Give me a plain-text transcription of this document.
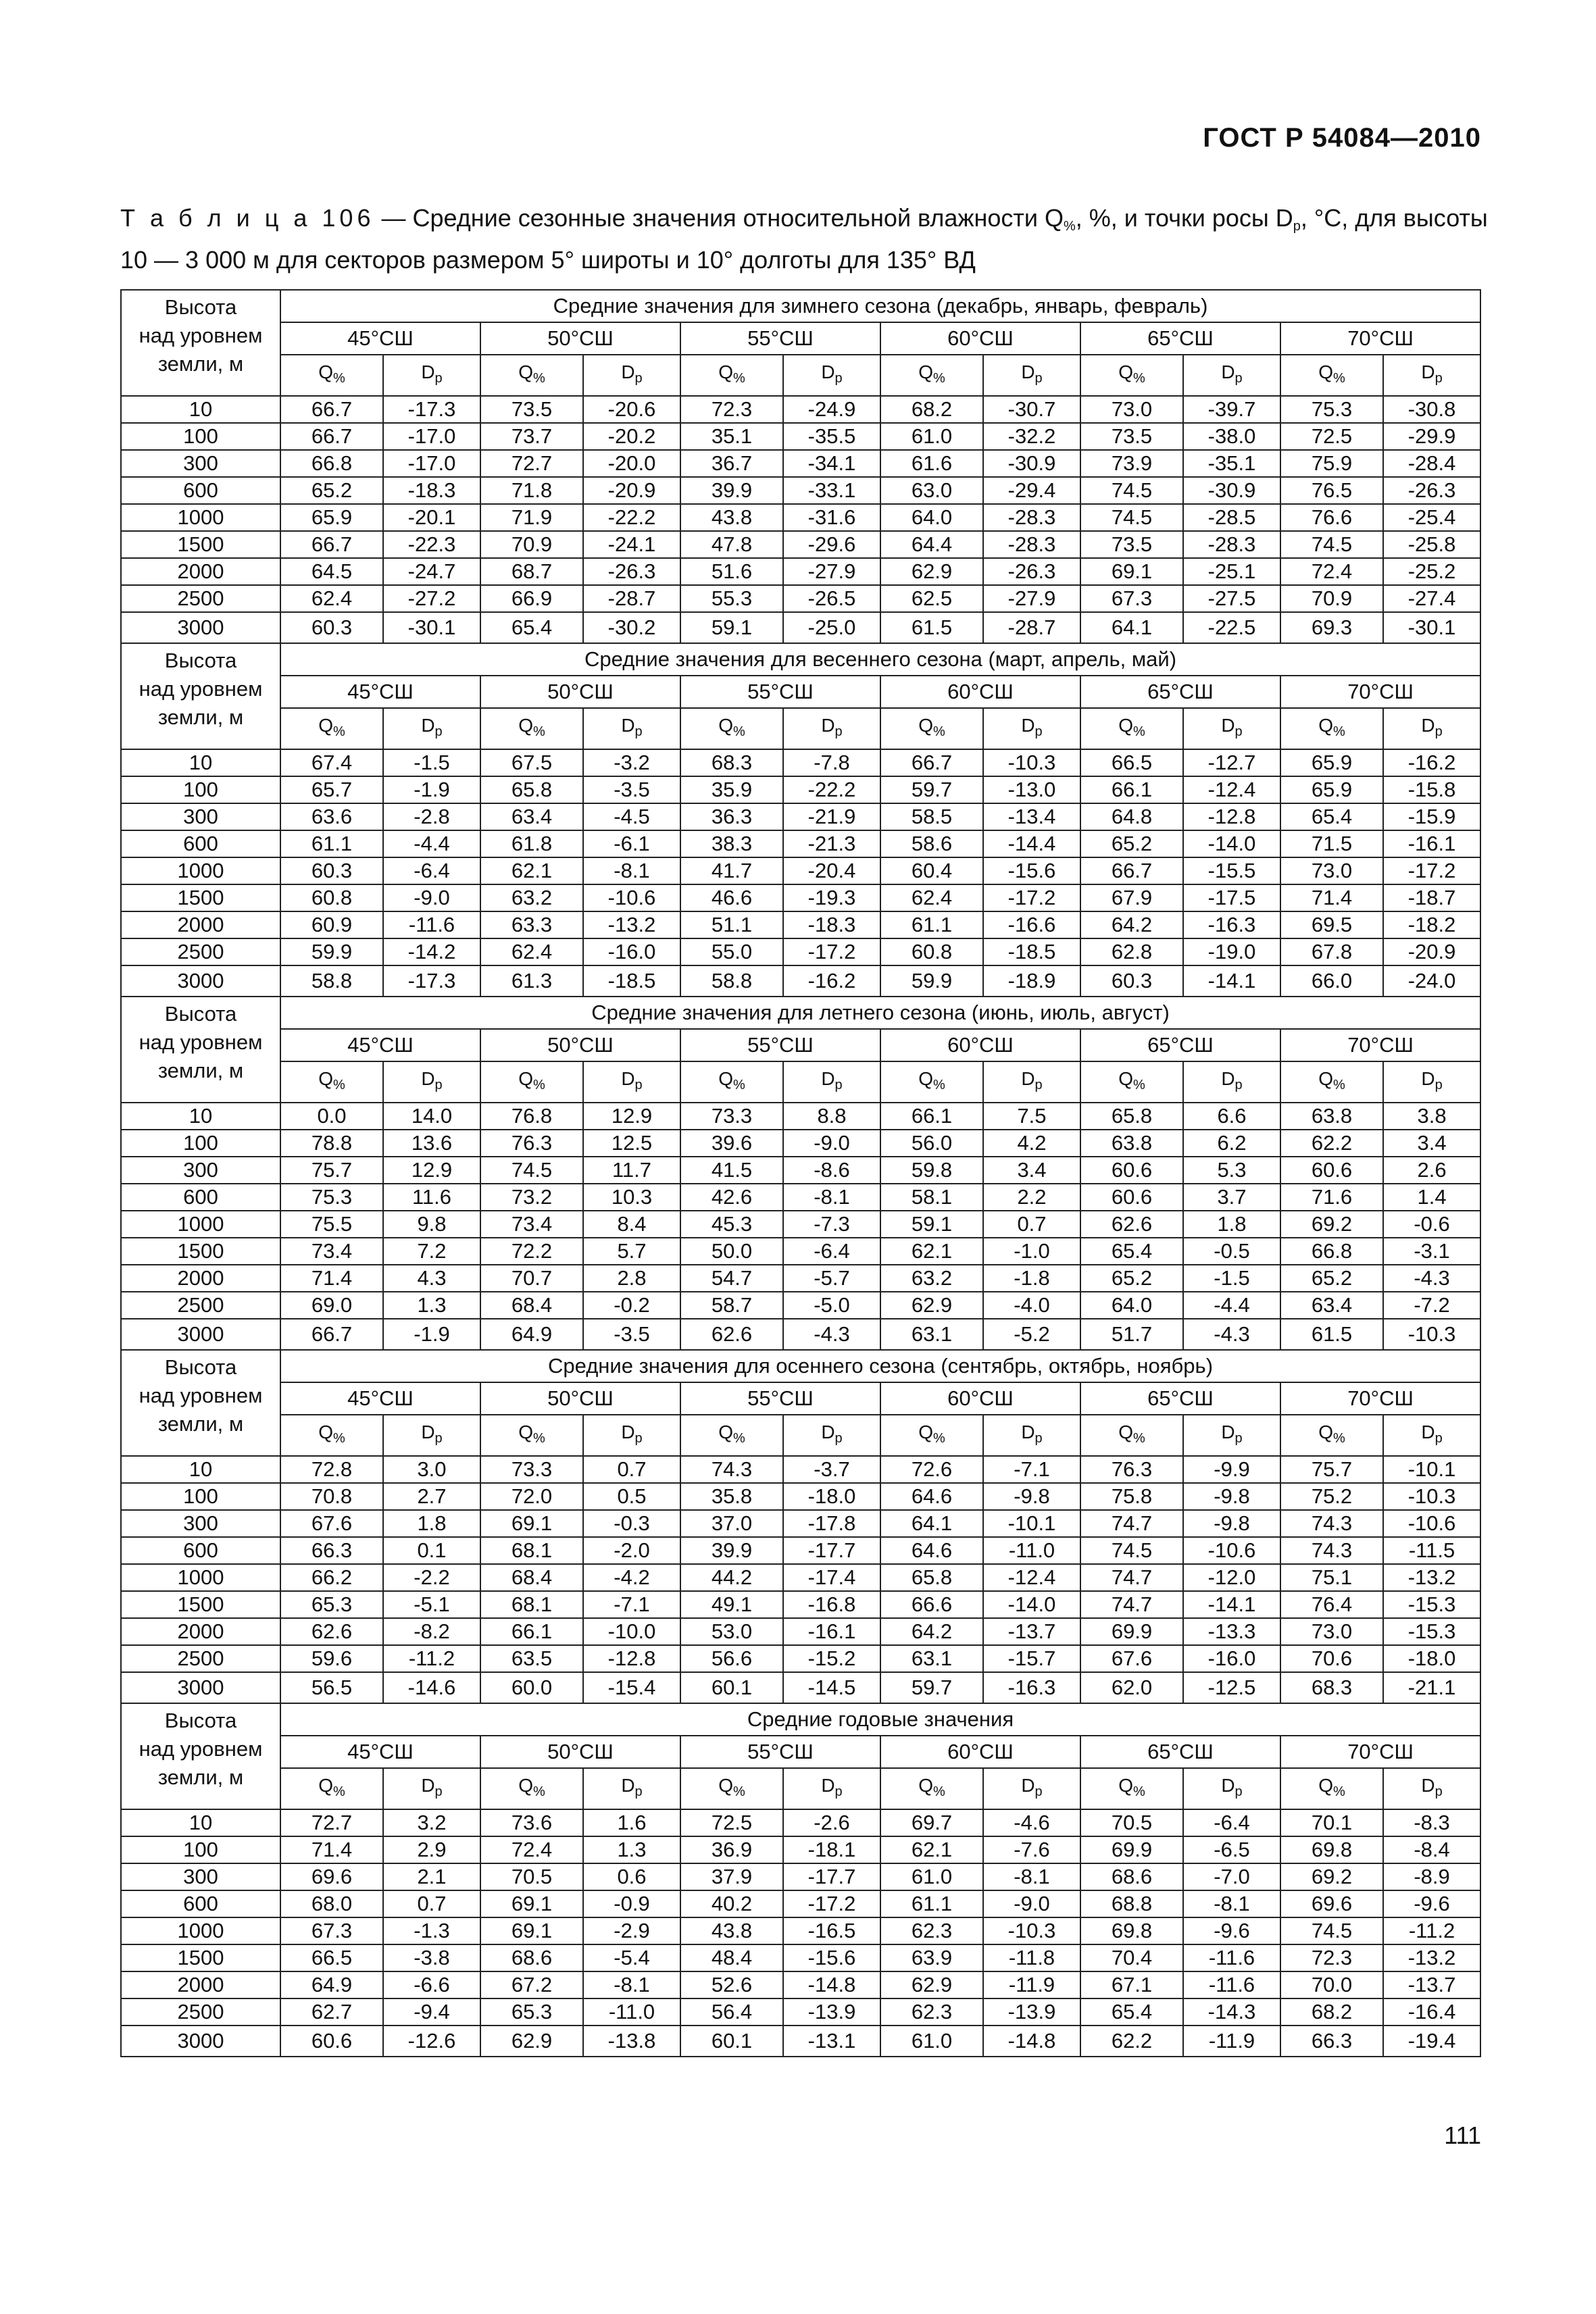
ГОСТ Р 54084—2010
Т а б л и ц а 106 — Средние сезонные значения относительной влажности $Q_{\%}$, %, и точки росы $D_p$, °C, для высоты
10 — 3 000 м для секторов размером 5° широты и 10° долготы для 135° ВД
Высота
над уровнем
земли, м	Средние значения для зимнего сезона (декабрь, январь, февраль)											
	45°СШ		50°СШ		55°СШ		60°СШ		65°СШ		70°СШ	
	$Q_{\%}$	$D_p$	$Q_{\%}$	$D_p$	$Q_{\%}$	$D_p$	$Q_{\%}$	$D_p$	$Q_{\%}$	$D_p$	$Q_{\%}$	$D_p$
10	66.7	-17.3	73.5	-20.6	72.3	-24.9	68.2	-30.7	73.0	-39.7	75.3	-30.8
100	66.7	-17.0	73.7	-20.2	35.1	-35.5	61.0	-32.2	73.5	-38.0	72.5	-29.9
300	66.8	-17.0	72.7	-20.0	36.7	-34.1	61.6	-30.9	73.9	-35.1	75.9	-28.4
600	65.2	-18.3	71.8	-20.9	39.9	-33.1	63.0	-29.4	74.5	-30.9	76.5	-26.3
1000	65.9	-20.1	71.9	-22.2	43.8	-31.6	64.0	-28.3	74.5	-28.5	76.6	-25.4
1500	66.7	-22.3	70.9	-24.1	47.8	-29.6	64.4	-28.3	73.5	-28.3	74.5	-25.8
2000	64.5	-24.7	68.7	-26.3	51.6	-27.9	62.9	-26.3	69.1	-25.1	72.4	-25.2
2500	62.4	-27.2	66.9	-28.7	55.3	-26.5	62.5	-27.9	67.3	-27.5	70.9	-27.4
3000	60.3	-30.1	65.4	-30.2	59.1	-25.0	61.5	-28.7	64.1	-22.5	69.3	-30.1

Высота
над уровнем
земли, м	Средние значения для весеннего сезона (март, апрель, май)											
	45°СШ		50°СШ		55°СШ		60°СШ		65°СШ		70°СШ	
	$Q_{\%}$	$D_p$	$Q_{\%}$	$D_p$	$Q_{\%}$	$D_p$	$Q_{\%}$	$D_p$	$Q_{\%}$	$D_p$	$Q_{\%}$	$D_p$
10	67.4	-1.5	67.5	-3.2	68.3	-7.8	66.7	-10.3	66.5	-12.7	65.9	-16.2
100	65.7	-1.9	65.8	-3.5	35.9	-22.2	59.7	-13.0	66.1	-12.4	65.9	-15.8
300	63.6	-2.8	63.4	-4.5	36.3	-21.9	58.5	-13.4	64.8	-12.8	65.4	-15.9
600	61.1	-4.4	61.8	-6.1	38.3	-21.3	58.6	-14.4	65.2	-14.0	71.5	-16.1
1000	60.3	-6.4	62.1	-8.1	41.7	-20.4	60.4	-15.6	66.7	-15.5	73.0	-17.2
1500	60.8	-9.0	63.2	-10.6	46.6	-19.3	62.4	-17.2	67.9	-17.5	71.4	-18.7
2000	60.9	-11.6	63.3	-13.2	51.1	-18.3	61.1	-16.6	64.2	-16.3	69.5	-18.2
2500	59.9	-14.2	62.4	-16.0	55.0	-17.2	60.8	-18.5	62.8	-19.0	67.8	-20.9
3000	58.8	-17.3	61.3	-18.5	58.8	-16.2	59.9	-18.9	60.3	-14.1	66.0	-24.0

Высота
над уровнем
земли, м	Средние значения для летнего сезона (июнь, июль, август)											
	45°СШ		50°СШ		55°СШ		60°СШ		65°СШ		70°СШ	
	$Q_{\%}$	$D_p$	$Q_{\%}$	$D_p$	$Q_{\%}$	$D_p$	$Q_{\%}$	$D_p$	$Q_{\%}$	$D_p$	$Q_{\%}$	$D_p$
10	0.0	14.0	76.8	12.9	73.3	8.8	66.1	7.5	65.8	6.6	63.8	3.8
100	78.8	13.6	76.3	12.5	39.6	-9.0	56.0	4.2	63.8	6.2	62.2	3.4
300	75.7	12.9	74.5	11.7	41.5	-8.6	59.8	3.4	60.6	5.3	60.6	2.6
600	75.3	11.6	73.2	10.3	42.6	-8.1	58.1	2.2	60.6	3.7	71.6	1.4
1000	75.5	9.8	73.4	8.4	45.3	-7.3	59.1	0.7	62.6	1.8	69.2	-0.6
1500	73.4	7.2	72.2	5.7	50.0	-6.4	62.1	-1.0	65.4	-0.5	66.8	-3.1
2000	71.4	4.3	70.7	2.8	54.7	-5.7	63.2	-1.8	65.2	-1.5	65.2	-4.3
2500	69.0	1.3	68.4	-0.2	58.7	-5.0	62.9	-4.0	64.0	-4.4	63.4	-7.2
3000	66.7	-1.9	64.9	-3.5	62.6	-4.3	63.1	-5.2	51.7	-4.3	61.5	-10.3

Высота
над уровнем
земли, м	Средние значения для осеннего сезона (сентябрь, октябрь, ноябрь)											
	45°СШ		50°СШ		55°СШ		60°СШ		65°СШ		70°СШ	
	$Q_{\%}$	$D_p$	$Q_{\%}$	$D_p$	$Q_{\%}$	$D_p$	$Q_{\%}$	$D_p$	$Q_{\%}$	$D_p$	$Q_{\%}$	$D_p$
10	72.8	3.0	73.3	0.7	74.3	-3.7	72.6	-7.1	76.3	-9.9	75.7	-10.1
100	70.8	2.7	72.0	0.5	35.8	-18.0	64.6	-9.8	75.8	-9.8	75.2	-10.3
300	67.6	1.8	69.1	-0.3	37.0	-17.8	64.1	-10.1	74.7	-9.8	74.3	-10.6
600	66.3	0.1	68.1	-2.0	39.9	-17.7	64.6	-11.0	74.5	-10.6	74.3	-11.5
1000	66.2	-2.2	68.4	-4.2	44.2	-17.4	65.8	-12.4	74.7	-12.0	75.1	-13.2
1500	65.3	-5.1	68.1	-7.1	49.1	-16.8	66.6	-14.0	74.7	-14.1	76.4	-15.3
2000	62.6	-8.2	66.1	-10.0	53.0	-16.1	64.2	-13.7	69.9	-13.3	73.0	-15.3
2500	59.6	-11.2	63.5	-12.8	56.6	-15.2	63.1	-15.7	67.6	-16.0	70.6	-18.0
3000	56.5	-14.6	60.0	-15.4	60.1	-14.5	59.7	-16.3	62.0	-12.5	68.3	-21.1

Высота
над уровнем
земли, м	Средние годовые значения											
	45°СШ		50°СШ		55°СШ		60°СШ		65°СШ		70°СШ	
	$Q_{\%}$	$D_p$	$Q_{\%}$	$D_p$	$Q_{\%}$	$D_p$	$Q_{\%}$	$D_p$	$Q_{\%}$	$D_p$	$Q_{\%}$	$D_p$
10	72.7	3.2	73.6	1.6	72.5	-2.6	69.7	-4.6	70.5	-6.4	70.1	-8.3
100	71.4	2.9	72.4	1.3	36.9	-18.1	62.1	-7.6	69.9	-6.5	69.8	-8.4
300	69.6	2.1	70.5	0.6	37.9	-17.7	61.0	-8.1	68.6	-7.0	69.2	-8.9
600	68.0	0.7	69.1	-0.9	40.2	-17.2	61.1	-9.0	68.8	-8.1	69.6	-9.6
1000	67.3	-1.3	69.1	-2.9	43.8	-16.5	62.3	-10.3	69.8	-9.6	74.5	-11.2
1500	66.5	-3.8	68.6	-5.4	48.4	-15.6	63.9	-11.8	70.4	-11.6	72.3	-13.2
2000	64.9	-6.6	67.2	-8.1	52.6	-14.8	62.9	-11.9	67.1	-11.6	70.0	-13.7
2500	62.7	-9.4	65.3	-11.0	56.4	-13.9	62.3	-13.9	65.4	-14.3	68.2	-16.4
3000	60.6	-12.6	62.9	-13.8	60.1	-13.1	61.0	-14.8	62.2	-11.9	66.3	-19.4
111
